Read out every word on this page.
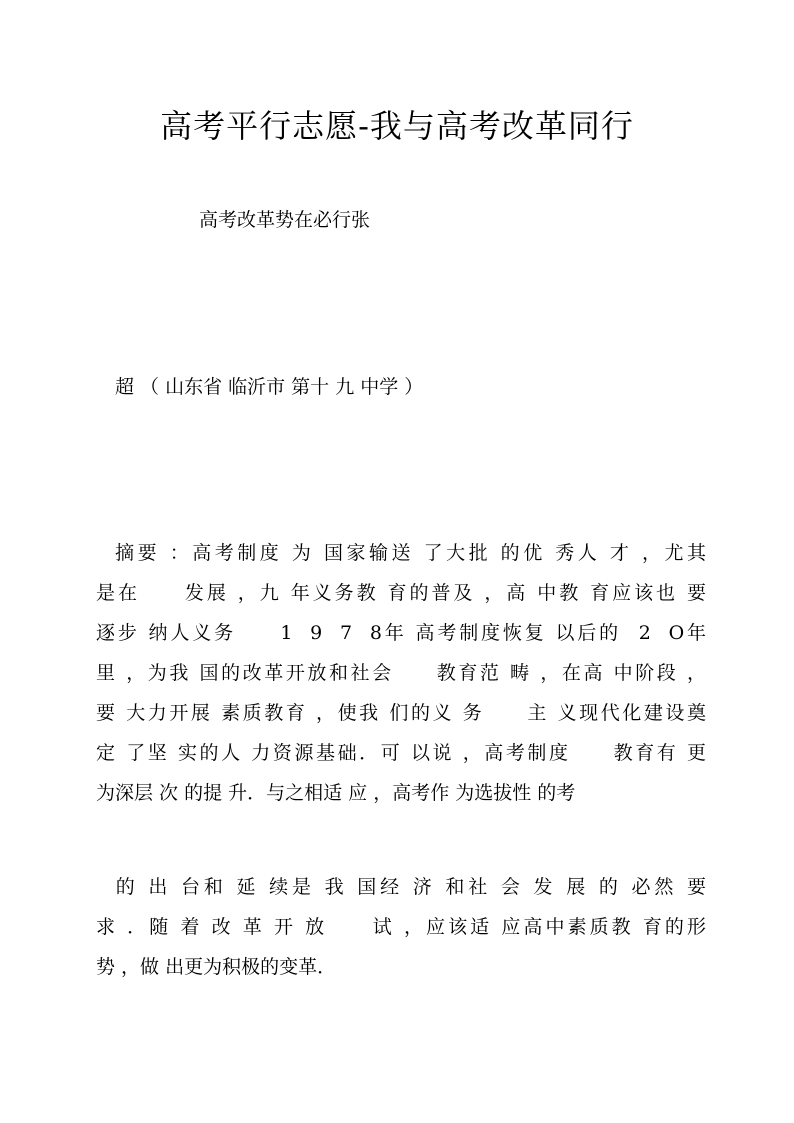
高考平行志愿-我与高考改革同行
高考改革势在必行张
超 （ 山东省 临沂市 第十 九 中学 ）
摘要 ：高考制度 为 国家输送 了大批 的优 秀人 才 ，尤其
是在     发展 ，九 年义务教 育的普及 ，高 中教 育应该也 要
逐步 纳人义务     1  9  7  8年 高考制度恢复 以后的  2  O年
里 ，为我 国的改革开放和社会     教育范 畴 ，在高 中阶段 ，
要 大力开展 素质教育 ，使我 们的义 务     主 义现代化建设奠
定 了坚 实的人 力资源基础．可 以说 ，高考制度     教育有 更
为深层 次 的提 升．与之相适 应 ，高考作 为选拔性 的考
的 出 台和 延 续是 我 国经 济 和社 会 发 展 的 必然 要
求 ．随 着 改 革 开 放     试 ，应该适 应高中素质教 育的形
势 ，做 出更为积极的变革．
